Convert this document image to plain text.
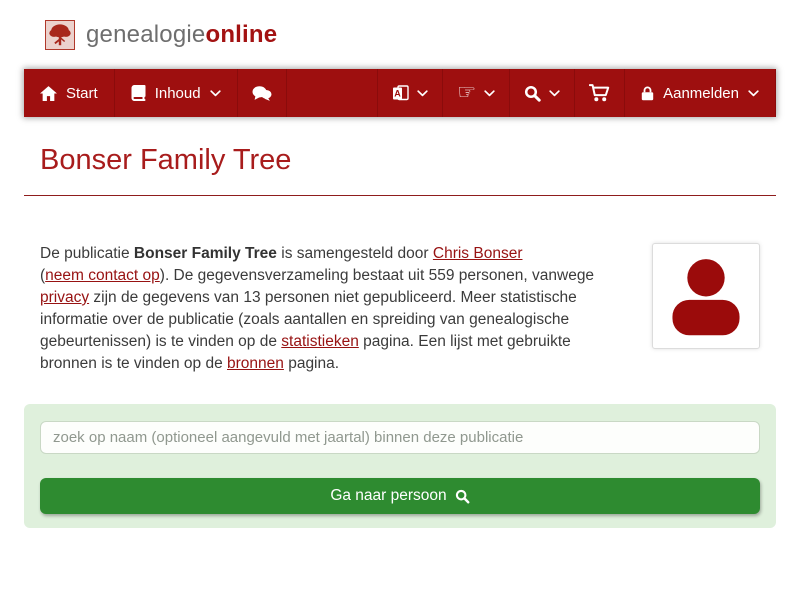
genealogieonline
Start	Inhoud	A	☞	Aanmelden
Bonser Family Tree

De publicatie Bonser Family Tree is samengesteld door Chris Bonser
(neem contact op). De gegevensverzameling bestaat uit 559 personen, vanwege privacy zijn de gegevens van 13 personen niet gepubliceerd. Meer statistische informatie over de publicatie (zoals aantallen en spreiding van genealogische gebeurtenissen) is te vinden op de statistieken pagina. Een lijst met gebruikte bronnen is te vinden op de bronnen pagina.

zoek op naam (optioneel aangevuld met jaartal) binnen deze publicatie
Ga naar persoon
